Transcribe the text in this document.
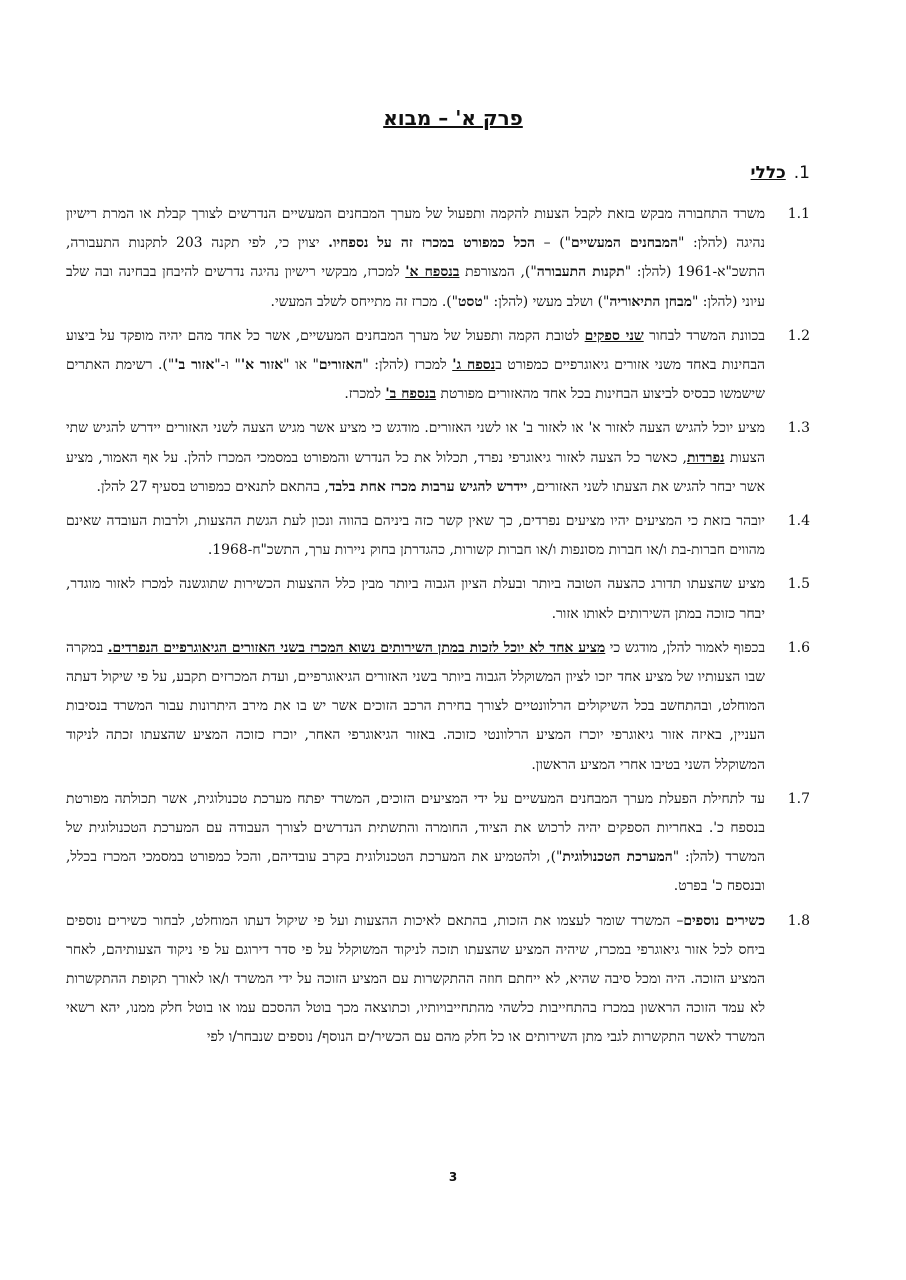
פרק א' – מבוא
1.
כללי
1.1
משרד התחבורה מבקש בזאת לקבל הצעות להקמה ותפעול של מערך המבחנים המעשיים הנדרשים לצורך קבלת או המרת רישיון נהיגה (להלן: "המבחנים המעשיים") – הכל כמפורט במכרז זה על נספחיו. יצוין כי, לפי תקנה 203 לתקנות התעבורה, התשכ"א-1961 (להלן: "תקנות התעבורה"), המצורפת בנספח א' למכרז, מבקשי רישיון נהיגה נדרשים להיבחן בבחינה ובה שלב עיוני (להלן: "מבחן התיאוריה") ושלב מעשי (להלן: "טסט"). מכרז זה מתייחס לשלב המעשי.
1.2
בכוונת המשרד לבחור שני ספקים לטובת הקמה ותפעול של מערך המבחנים המעשיים, אשר כל אחד מהם יהיה מופקד על ביצוע הבחינות באחד משני אזורים גיאוגרפיים כמפורט בנספח ג' למכרז (להלן: "האזורים" או "אזור א'" ו-"אזור ב'"). רשימת האתרים שישמשו כבסיס לביצוע הבחינות בכל אחד מהאזורים מפורטת בנספח ב' למכרז.
1.3
מציע יוכל להגיש הצעה לאזור א' או לאזור ב' או לשני האזורים. מודגש כי מציע אשר מגיש הצעה לשני האזורים יידרש להגיש שתי הצעות נפרדות, כאשר כל הצעה לאזור גיאוגרפי נפרד, תכלול את כל הנדרש והמפורט במסמכי המכרז להלן. על אף האמור, מציע אשר יבחר להגיש את הצעתו לשני האזורים, יידרש להגיש ערבות מכרז אחת בלבד, בהתאם לתנאים כמפורט בסעיף 27 להלן.
1.4
יובהר בזאת כי המציעים יהיו מציעים נפרדים, כך שאין קשר כזה ביניהם בהווה ונכון לעת הגשת ההצעות, ולרבות העובדה שאינם מהווים חברות-בת ו/או חברות מסונפות ו/או חברות קשורות, כהגדרתן בחוק ניירות ערך, התשכ"ח-1968.
1.5
מציע שהצעתו תדורג כהצעה הטובה ביותר ובעלת הציון הגבוה ביותר מבין כלל ההצעות הכשירות שתוגשנה למכרז לאזור מוגדר, יבחר כזוכה במתן השירותים לאותו אזור.
1.6
בכפוף לאמור להלן, מודגש כי מציע אחד לא יוכל לזכות במתן השירותים נשוא המכרז בשני האזורים הגיאוגרפיים הנפרדים. במקרה שבו הצעותיו של מציע אחד יזכו לציון המשוקלל הגבוה ביותר בשני האזורים הגיאוגרפיים, ועדת המכרזים תקבע, על פי שיקול דעתה המוחלט, ובהתחשב בכל השיקולים הרלוונטיים לצורך בחירת הרכב הזוכים אשר יש בו את מירב היתרונות עבור המשרד בנסיבות העניין, באיזה אזור גיאוגרפי יוכרז המציע הרלוונטי כזוכה. באזור הגיאוגרפי האחר, יוכרז כזוכה המציע שהצעתו זכתה לניקוד המשוקלל השני בטיבו אחרי המציע הראשון.
1.7
עד לתחילת הפעלת מערך המבחנים המעשיים על ידי המציעים הזוכים, המשרד יפתח מערכת טכנולוגית, אשר תכולתה מפורטת בנספח כ'. באחריות הספקים יהיה לרכוש את הציוד, החומרה והתשתית הנדרשים לצורך העבודה עם המערכת הטכנולוגית של המשרד (להלן: "המערכת הטכנולוגית"), ולהטמיע את המערכת הטכנולוגית בקרב עובדיהם, והכל כמפורט במסמכי המכרז בכלל, ובנספח כ' בפרט.
1.8
כשירים נוספים– המשרד שומר לעצמו את הזכות, בהתאם לאיכות ההצעות ועל פי שיקול דעתו המוחלט, לבחור כשירים נוספים ביחס לכל אזור גיאוגרפי במכרז, שיהיה המציע שהצעתו תזכה לניקוד המשוקלל על פי סדר דירוגם על פי ניקוד הצעותיהם, לאחר המציע הזוכה. היה ומכל סיבה שהיא, לא ייחתם חוזה ההתקשרות עם המציע הזוכה על ידי המשרד ו/או לאורך תקופת ההתקשרות לא עמד הזוכה הראשון במכרז בהתחייבות כלשהי מהתחייבויותיו, וכתוצאה מכך בוטל ההסכם עמו או בוטל חלק ממנו, יהא רשאי המשרד לאשר התקשרות לגבי מתן השירותים או כל חלק מהם עם הכשיר/ים הנוסף/ נוספים שנבחר/ו לפי
3
